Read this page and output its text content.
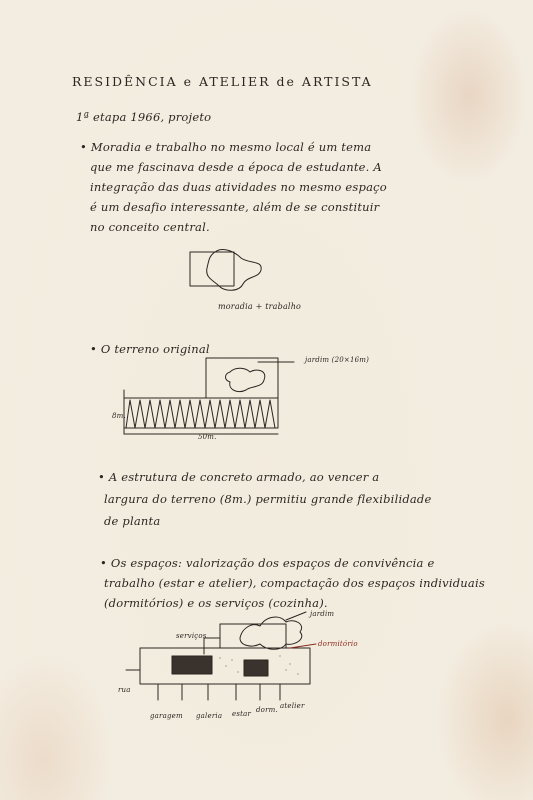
RESIDÊNCIA e ATELIER de ARTISTA

1ª etapa 1966, projeto

• Moradia e trabalho no mesmo local é um tema

que me fascinava desde a época de estudante. A

integração das duas atividades no mesmo espaço

é um desafio interessante, além de se constituir

no conceito central.

moradia + trabalho

• O terreno original

jardim (20×16m)

8m.

50m.

• A estrutura de concreto armado, ao vencer a

largura do terreno (8m.) permitiu grande flexibilidade

de planta

• Os espaços: valorização dos espaços de convivência e

trabalho (estar e atelier), compactação dos espaços individuais

(dormitórios) e os serviços (cozinha).

serviços

jardim

dormitório

rua

garagem galeria estar dorm. atelier
